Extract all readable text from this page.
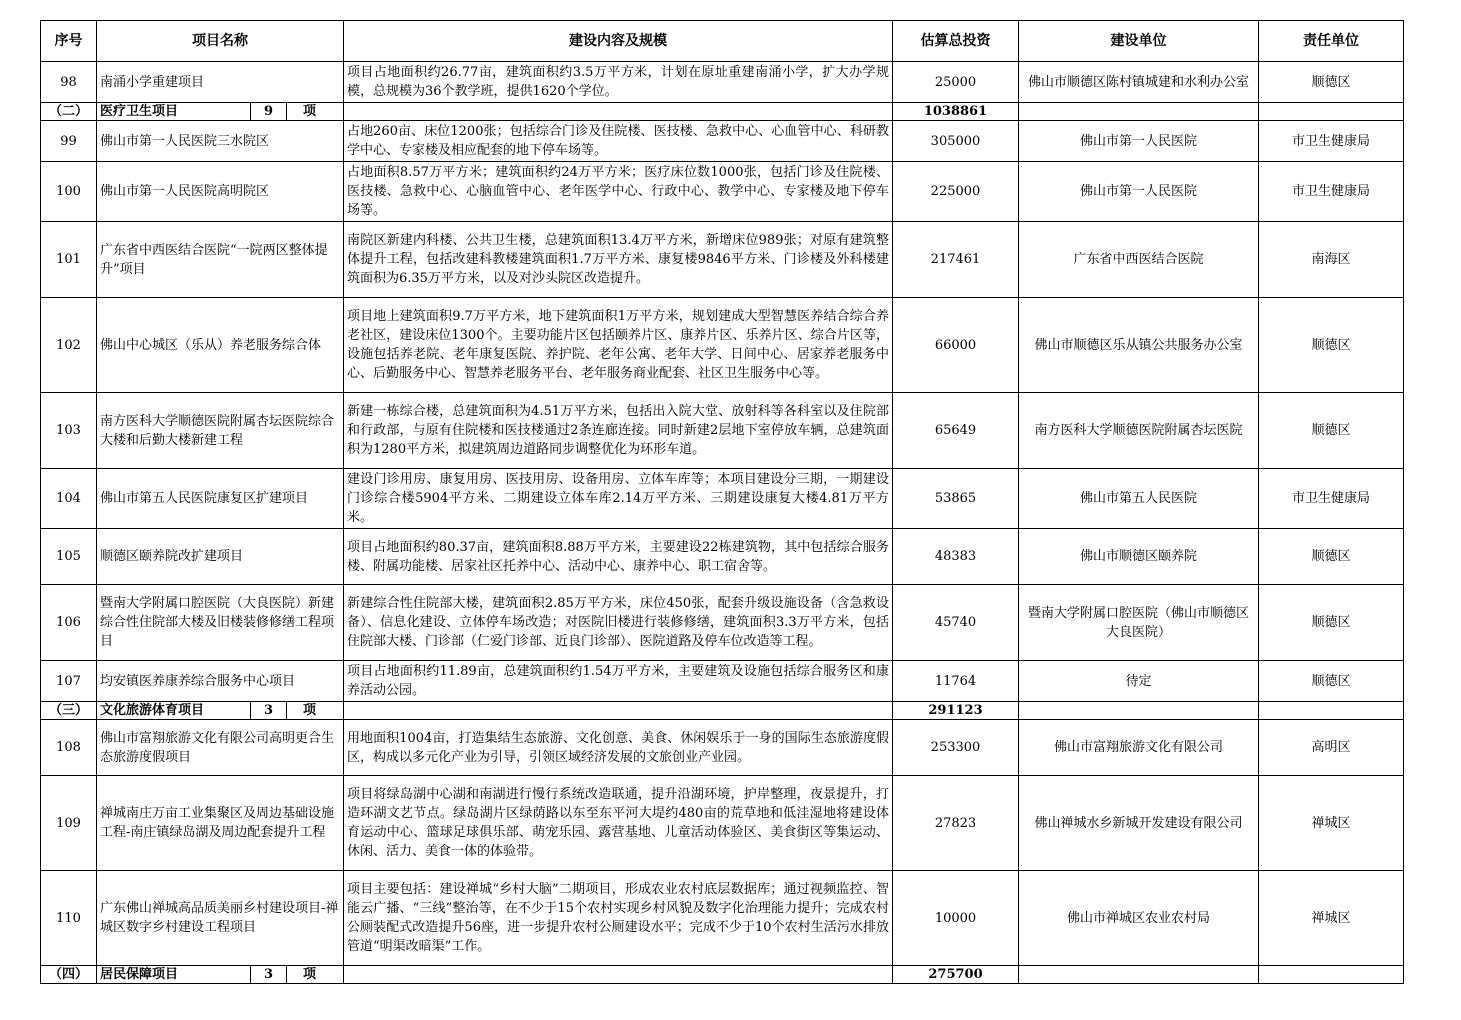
序号	项目名称	建设内容及规模	估算总投资	建设单位	责任单位
98	南涌小学重建项目	项目占地面积约26.77亩，建筑面积约3.5万平方米，计划在原址重建南涌小学，扩大办学规模，总规模为36个教学班，提供1620个学位。	25000	佛山市顺德区陈村镇城建和水利办公室	顺德区
（二）	医疗卫生项目 9 项		1038861		
99	佛山市第一人民医院三水院区	占地260亩、床位1200张；包括综合门诊及住院楼、医技楼、急救中心、心血管中心、科研教学中心、专家楼及相应配套的地下停车场等。	305000	佛山市第一人民医院	市卫生健康局
100	佛山市第一人民医院高明院区	占地面积8.57万平方米；建筑面积约24万平方米；医疗床位数1000张，包括门诊及住院楼、医技楼、急救中心、心脑血管中心、老年医学中心、行政中心、教学中心、专家楼及地下停车场等。	225000	佛山市第一人民医院	市卫生健康局
101	广东省中西医结合医院“一院两区整体提升”项目	南院区新建内科楼、公共卫生楼，总建筑面积13.4万平方米，新增床位989张；对原有建筑整体提升工程，包括改建科教楼建筑面积1.7万平方米、康复楼9846平方米、门诊楼及外科楼建筑面积为6.35万平方米，以及对沙头院区改造提升。	217461	广东省中西医结合医院	南海区
102	佛山中心城区（乐从）养老服务综合体	项目地上建筑面积9.7万平方米，地下建筑面积1万平方米，规划建成大型智慧医养结合综合养老社区，建设床位1300个。主要功能片区包括颐养片区、康养片区、乐养片区、综合片区等，设施包括养老院、老年康复医院、养护院、老年公寓、老年大学、日间中心、居家养老服务中心、后勤服务中心、智慧养老服务平台、老年服务商业配套、社区卫生服务中心等。	66000	佛山市顺德区乐从镇公共服务办公室	顺德区
103	南方医科大学顺德医院附属杏坛医院综合大楼和后勤大楼新建工程	新建一栋综合楼，总建筑面积为4.51万平方米，包括出入院大堂、放射科等各科室以及住院部和行政部，与原有住院楼和医技楼通过2条连廊连接。同时新建2层地下室停放车辆，总建筑面积为1280平方米，拟建筑周边道路同步调整优化为环形车道。	65649	南方医科大学顺德医院附属杏坛医院	顺德区
104	佛山市第五人民医院康复区扩建项目	建设门诊用房、康复用房、医技用房、设备用房、立体车库等；本项目建设分三期，一期建设门诊综合楼5904平方米、二期建设立体车库2.14万平方米、三期建设康复大楼4.81万平方米。	53865	佛山市第五人民医院	市卫生健康局
105	顺德区颐养院改扩建项目	项目占地面积约80.37亩，建筑面积8.88万平方米，主要建设22栋建筑物，其中包括综合服务楼、附属功能楼、居家社区托养中心、活动中心、康养中心、职工宿舍等。	48383	佛山市顺德区颐养院	顺德区
106	暨南大学附属口腔医院（大良医院）新建综合性住院部大楼及旧楼装修修缮工程项目	新建综合性住院部大楼，建筑面积2.85万平方米，床位450张，配套升级设施设备（含急救设备）、信息化建设、立体停车场改造；对医院旧楼进行装修修缮，建筑面积3.3万平方米，包括住院部大楼、门诊部（仁爱门诊部、近良门诊部）、医院道路及停车位改造等工程。	45740	暨南大学附属口腔医院（佛山市顺德区大良医院）	顺德区
107	均安镇医养康养综合服务中心项目	项目占地面积约11.89亩，总建筑面积约1.54万平方米，主要建筑及设施包括综合服务区和康养活动公园。	11764	待定	顺德区
（三）	文化旅游体育项目 3 项		291123		
108	佛山市富翔旅游文化有限公司高明更合生态旅游度假项目	用地面积1004亩，打造集结生态旅游、文化创意、美食、休闲娱乐于一身的国际生态旅游度假区，构成以多元化产业为引导，引领区域经济发展的文旅创业产业园。	253300	佛山市富翔旅游文化有限公司	高明区
109	禅城南庄万亩工业集聚区及周边基础设施工程-南庄镇绿岛湖及周边配套提升工程	项目将绿岛湖中心湖和南湖进行慢行系统改造联通，提升沿湖环境，护岸整理，夜景提升，打造环湖文艺节点。绿岛湖片区绿荫路以东至东平河大堤约480亩的荒草地和低洼湿地将建设体育运动中心、篮球足球俱乐部、萌宠乐园、露营基地、儿童活动体验区、美食街区等集运动、休闲、活力、美食一体的体验带。	27823	佛山禅城水乡新城开发建设有限公司	禅城区
110	广东佛山禅城高品质美丽乡村建设项目-禅城区数字乡村建设工程项目	项目主要包括：建设禅城“乡村大脑”二期项目，形成农业农村底层数据库；通过视频监控、智能云广播、“三线”整治等，在不少于15个农村实现乡村风貌及数字化治理能力提升；完成农村公厕装配式改造提升56座，进一步提升农村公厕建设水平；完成不少于10个农村生活污水排放管道“明渠改暗渠”工作。	10000	佛山市禅城区农业农村局	禅城区
（四）	居民保障项目 3 项		275700		
